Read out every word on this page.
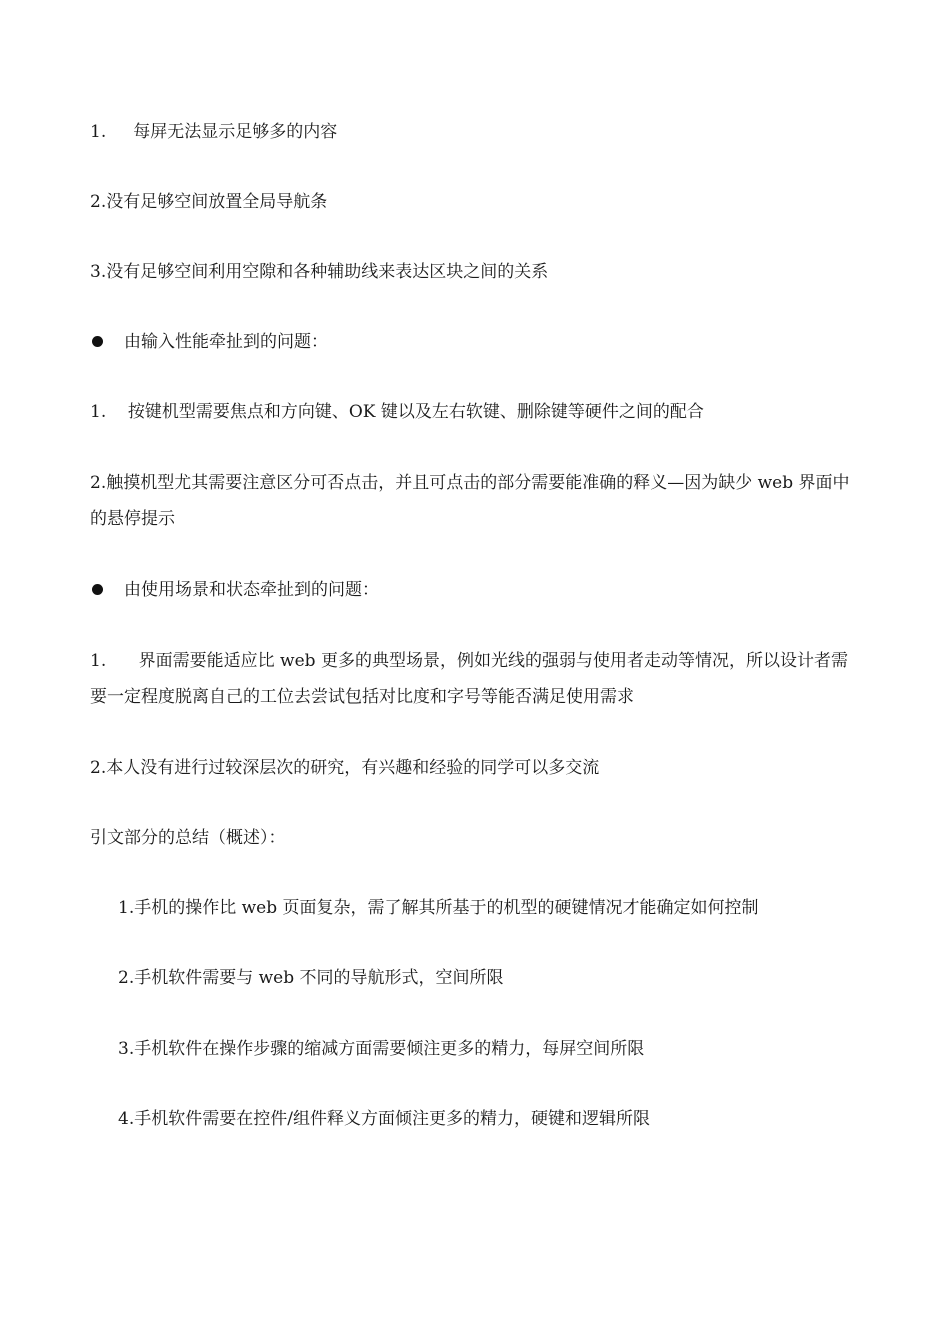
1.     每屏无法显示足够多的内容

2.没有足够空间放置全局导航条

3.没有足够空间利用空隙和各种辅助线来表达区块之间的关系

由输入性能牵扯到的问题：

1.    按键机型需要焦点和方向键、OK 键以及左右软键、删除键等硬件之间的配合

2.触摸机型尤其需要注意区分可否点击，并且可点击的部分需要能准确的释义—因为缺少 web 界面中的悬停提示

由使用场景和状态牵扯到的问题：

1.      界面需要能适应比 web 更多的典型场景，例如光线的强弱与使用者走动等情况，所以设计者需要一定程度脱离自己的工位去尝试包括对比度和字号等能否满足使用需求

2.本人没有进行过较深层次的研究，有兴趣和经验的同学可以多交流

引文部分的总结（概述）：

1.手机的操作比 web 页面复杂，需了解其所基于的机型的硬键情况才能确定如何控制

2.手机软件需要与 web 不同的导航形式，空间所限

3.手机软件在操作步骤的缩减方面需要倾注更多的精力，每屏空间所限

4.手机软件需要在控件/组件释义方面倾注更多的精力，硬键和逻辑所限
